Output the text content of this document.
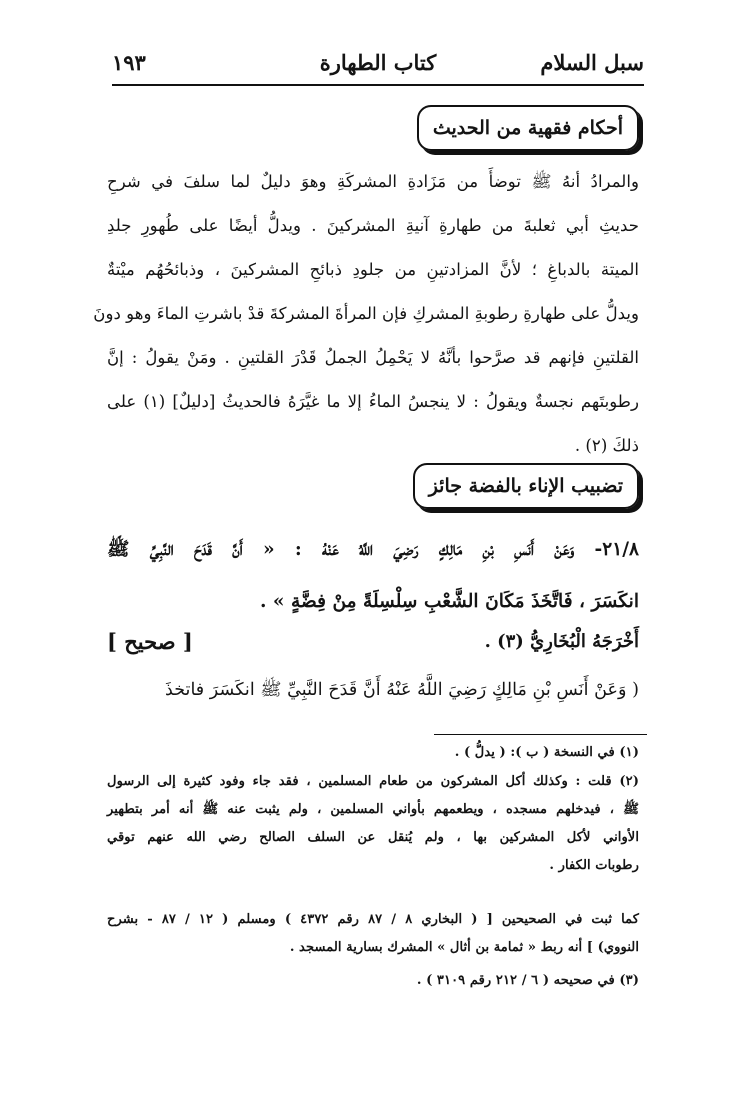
سبل السلام
كتاب الطهارة
١٩٣
أحكام فقهية من الحديث
والمرادُ أنهُ ﷺ توضأَ من مَزَادةِ المشركَةِ وهوَ دليلٌ لما سلفَ في شرحِ
حديثِ أبي ثعلبةَ من طهارةِ آنيةِ المشركينَ . ويدلُّ أيضًا على طُهورِ جلدِ
الميتة بالدباغِ ؛ لأنَّ المزادتينِ من جلودِ ذبائحِ المشركينَ ، وذبائحُهُم ميْتةٌ
ويدلُّ على طهارةِ رطوبةِ المشركِ فإن المرأةَ المشركةَ قدْ باشرتِ الماءَ وهو دونَ
القلتينِ فإنهم قد صرَّحوا بأنَّهُ لا يَحْمِلُ الجملُ قَدْرَ القلتينِ . ومَنْ يقولُ : إنَّ
رطوبتَهم نجسةٌ ويقولُ : لا ينجسُ الماءُ إلا ما غيَّرَهُ فالحديثُ [دليلٌ] (١) على
ذلكَ (٢) .
تضبيب الإناء بالفضة جائز
٢١/٨- وَعَنْ أَنَسِ بْنِ مَالِكٍ رَضِيَ اللَّهُ عَنْهُ : « أَنَّ قَدَحَ النَّبِيِّ ﷺ
انكَسَرَ ، فَاتَّخَذَ مَكَانَ الشَّعْبِ سِلْسِلَةً مِنْ فِضَّةٍ » .
أَخْرَجَهُ الْبُخَارِيُّ (٣) .
[ صحيح ]
( وَعَنْ أَنَسِ بْنِ مَالِكٍ رَضِيَ اللَّهُ عَنْهُ أَنَّ قَدَحَ النَّبِيِّ ﷺ انكَسَرَ فاتخذَ
(١) في النسخة ( ب ): ( يدلُّ ) .
(٢) قلت : وكذلك أكل المشركون من طعام المسلمين ، فقد جاء وفود كثيرة إلى الرسول
ﷺ ، فيدخلهم مسجده ، ويطعمهم بأواني المسلمين ، ولم يثبت عنه ﷺ أنه أمر بتطهير
الأواني لأكل المشركين بها ، ولم يُنقل عن السلف الصالح رضي الله عنهم توقي
رطوبات الكفار .
كما ثبت في الصحيحين [ ( البخاري ٨ / ٨٧ رقم ٤٣٧٢ ) ومسلم ( ١٢ / ٨٧ - بشرح
النووي) ] أنه ربط « ثمامة بن أثال » المشرك بسارية المسجد .
(٣) في صحيحه ( ٦ / ٢١٢ رقم ٣١٠٩ ) .
